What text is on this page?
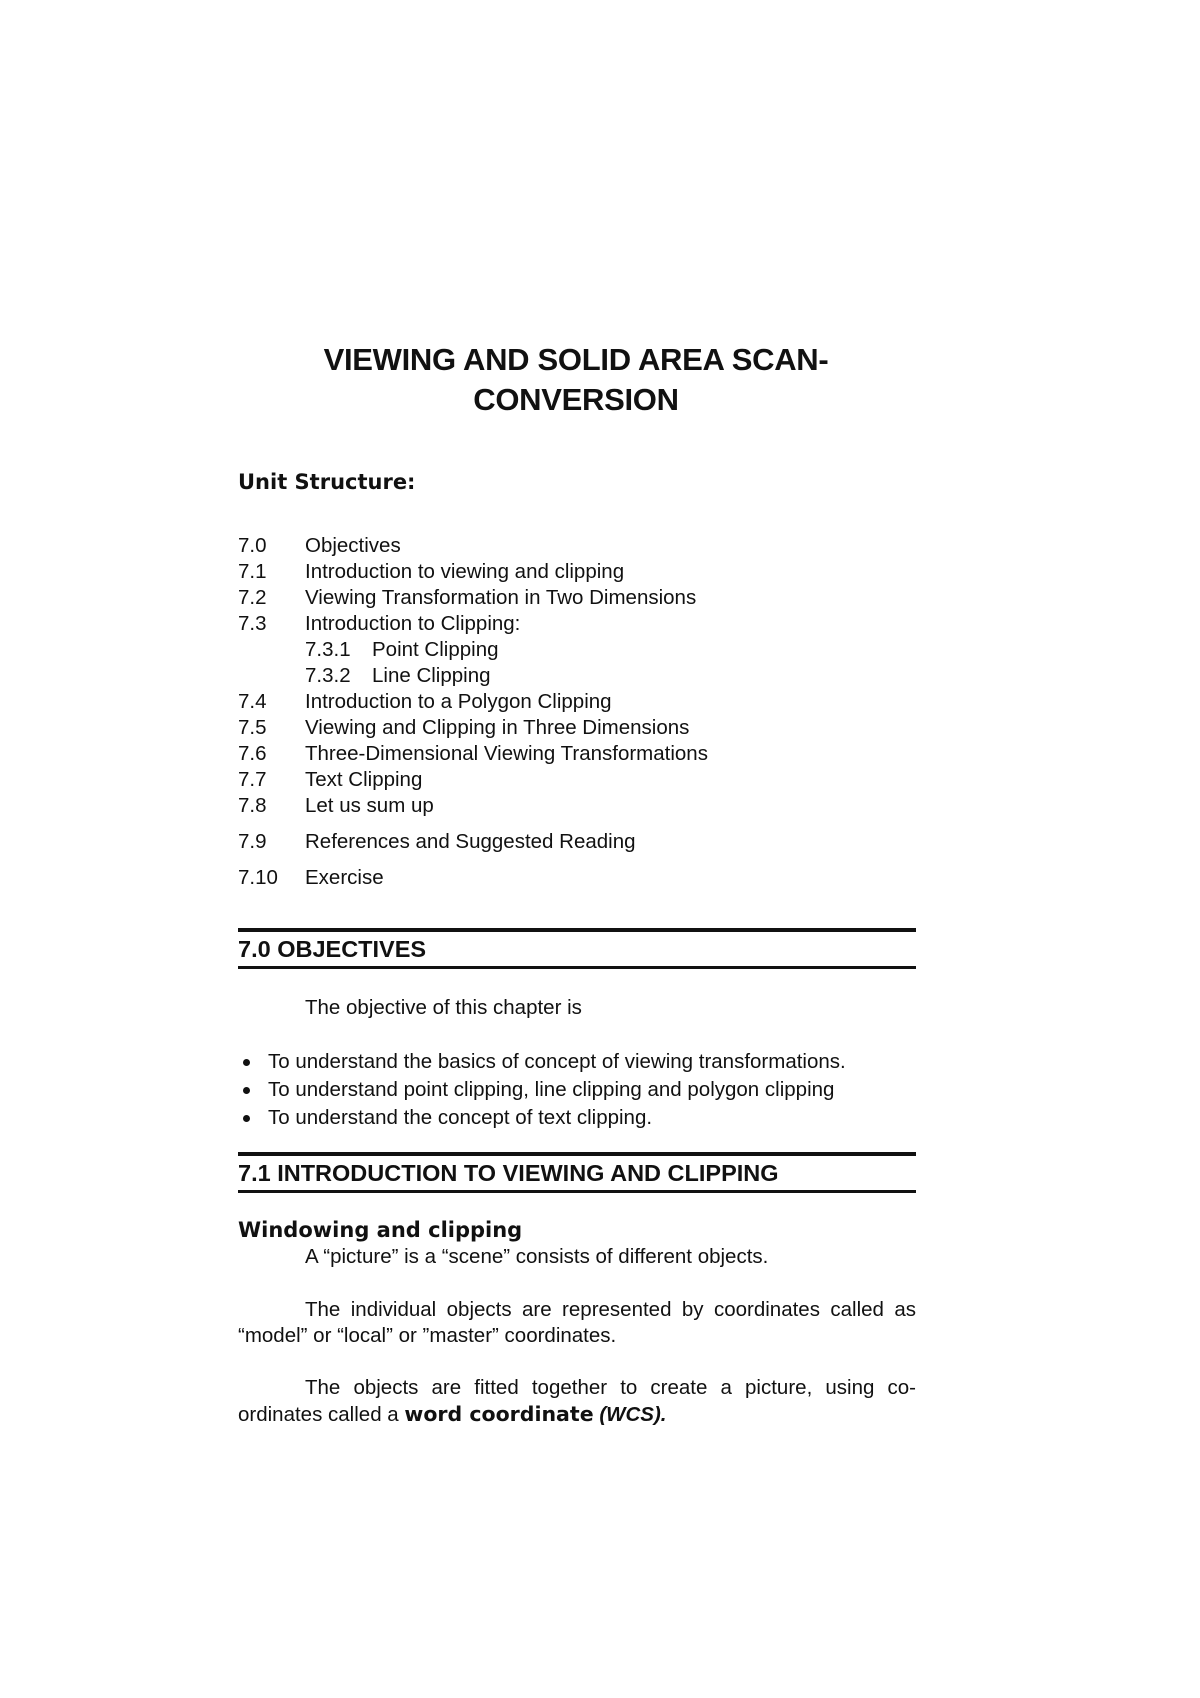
VIEWING AND SOLID AREA SCAN-
CONVERSION

Unit Structure:

7.0 Objectives
7.1 Introduction to viewing and clipping
7.2 Viewing Transformation in Two Dimensions
7.3 Introduction to Clipping:
7.3.1 Point Clipping
7.3.2 Line Clipping
7.4 Introduction to a Polygon Clipping
7.5 Viewing and Clipping in Three Dimensions
7.6 Three-Dimensional Viewing Transformations
7.7 Text Clipping
7.8 Let us sum up
7.9 References and Suggested Reading
7.10 Exercise
7.0 OBJECTIVES

The objective of this chapter is

To understand the basics of concept of viewing transformations.
To understand point clipping, line clipping and polygon clipping
To understand the concept of text clipping.
7.1 INTRODUCTION TO VIEWING AND CLIPPING

Windowing and clipping

A “picture” is a “scene” consists of different objects.

The individual objects are represented by coordinates called as “model” or “local” or ”master” coordinates.

The objects are fitted together to create a picture, using co-ordinates called a word coordinate (WCS).
